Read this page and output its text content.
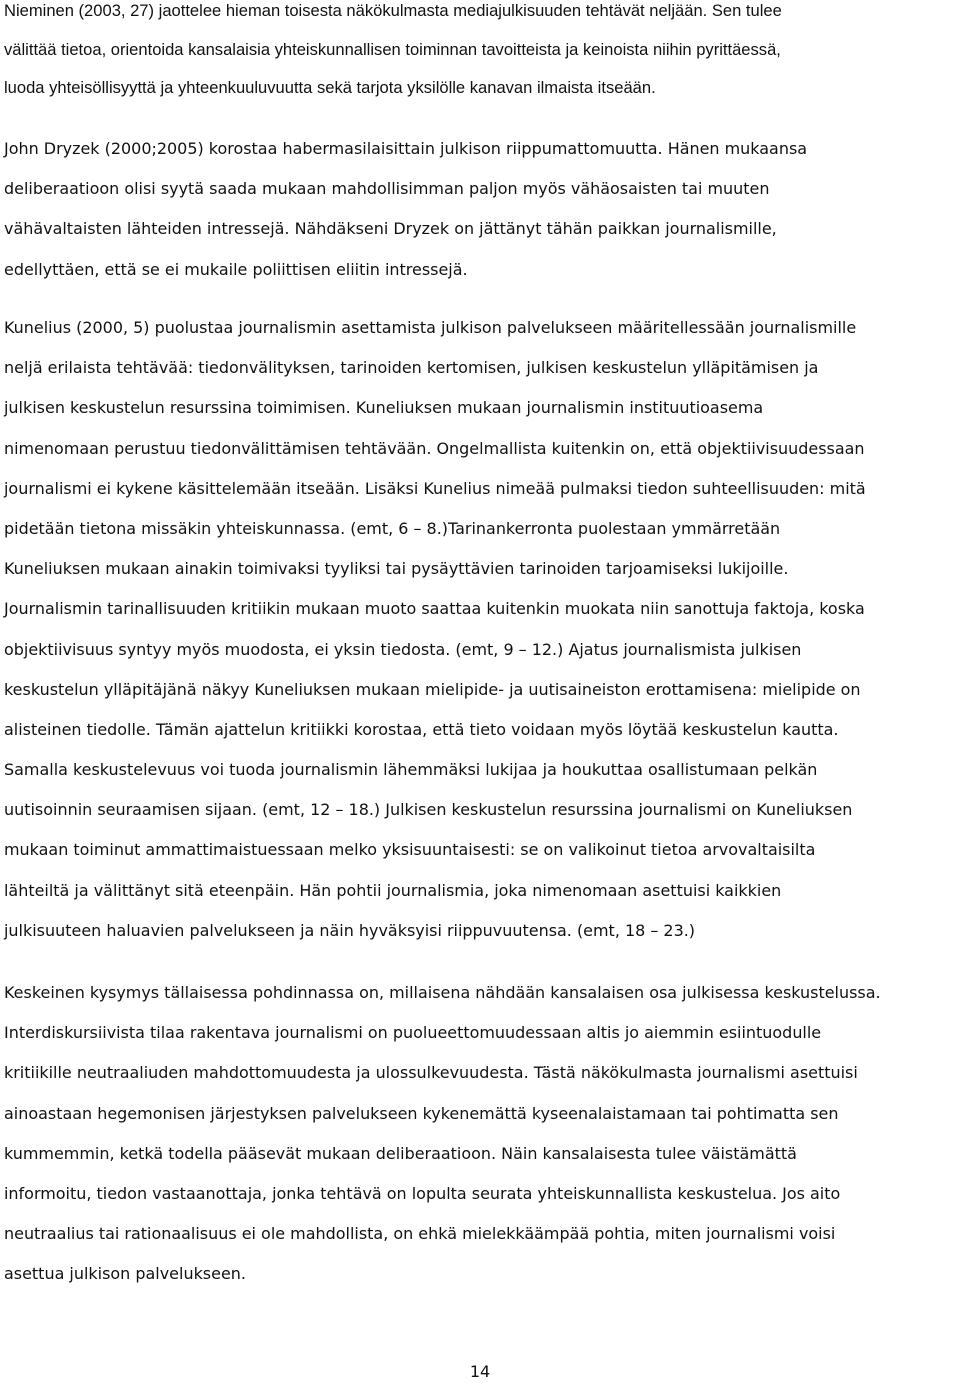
Nieminen (2003, 27) jaottelee hieman toisesta näkökulmasta mediajulkisuuden tehtävät neljään. Sen tulee
välittää tietoa, orientoida kansalaisia yhteiskunnallisen toiminnan tavoitteista ja keinoista niihin pyrittäessä,
luoda yhteisöllisyyttä ja yhteenkuuluvuutta sekä tarjota yksilölle kanavan ilmaista itseään.
John Dryzek (2000;2005) korostaa habermasilaisittain julkison riippumattomuutta. Hänen mukaansa
deliberaatioon olisi syytä saada mukaan mahdollisimman paljon myös vähäosaisten tai muuten
vähävaltaisten lähteiden intressejä. Nähdäkseni Dryzek on jättänyt tähän paikkan journalismille,
edellyttäen, että se ei mukaile poliittisen eliitin intressejä.
Kunelius (2000, 5) puolustaa journalismin asettamista julkison palvelukseen määritellessään journalismille
neljä erilaista tehtävää: tiedonvälityksen, tarinoiden kertomisen, julkisen keskustelun ylläpitämisen ja
julkisen keskustelun resurssina toimimisen. Kuneliuksen mukaan journalismin instituutioasema
nimenomaan perustuu tiedonvälittämisen tehtävään. Ongelmallista kuitenkin on, että objektiivisuudessaan
journalismi ei kykene käsittelemään itseään. Lisäksi Kunelius nimeää pulmaksi tiedon suhteellisuuden: mitä
pidetään tietona missäkin yhteiskunnassa. (emt, 6 – 8.)Tarinankerronta puolestaan ymmärretään
Kuneliuksen mukaan ainakin toimivaksi tyyliksi tai pysäyttävien tarinoiden tarjoamiseksi lukijoille.
Journalismin tarinallisuuden kritiikin mukaan muoto saattaa kuitenkin muokata niin sanottuja faktoja, koska
objektiivisuus syntyy myös muodosta, ei yksin tiedosta. (emt, 9 – 12.) Ajatus journalismista julkisen
keskustelun ylläpitäjänä näkyy Kuneliuksen mukaan mielipide- ja uutisaineiston erottamisena: mielipide on
alisteinen tiedolle. Tämän ajattelun kritiikki korostaa, että tieto voidaan myös löytää keskustelun kautta.
Samalla keskustelevuus voi tuoda journalismin lähemmäksi lukijaa ja houkuttaa osallistumaan pelkän
uutisoinnin seuraamisen sijaan. (emt, 12 – 18.) Julkisen keskustelun resurssina journalismi on Kuneliuksen
mukaan toiminut ammattimaistuessaan melko yksisuuntaisesti: se on valikoinut tietoa arvovaltaisilta
lähteiltä ja välittänyt sitä eteenpäin. Hän pohtii journalismia, joka nimenomaan asettuisi kaikkien
julkisuuteen haluavien palvelukseen ja näin hyväksyisi riippuvuutensa. (emt, 18 – 23.)
Keskeinen kysymys tällaisessa pohdinnassa on, millaisena nähdään kansalaisen osa julkisessa keskustelussa.
Interdiskursiivista tilaa rakentava journalismi on puolueettomuudessaan altis jo aiemmin esiintuodulle
kritiikille neutraaliuden mahdottomuudesta ja ulossulkevuudesta. Tästä näkökulmasta journalismi asettuisi
ainoastaan hegemonisen järjestyksen palvelukseen kykenemättä kyseenalaistamaan tai pohtimatta sen
kummemmin, ketkä todella pääsevät mukaan deliberaatioon. Näin kansalaisesta tulee väistämättä
informoitu, tiedon vastaanottaja, jonka tehtävä on lopulta seurata yhteiskunnallista keskustelua. Jos aito
neutraalius tai rationaalisuus ei ole mahdollista, on ehkä mielekkäämpää pohtia, miten journalismi voisi
asettua julkison palvelukseen.
14
